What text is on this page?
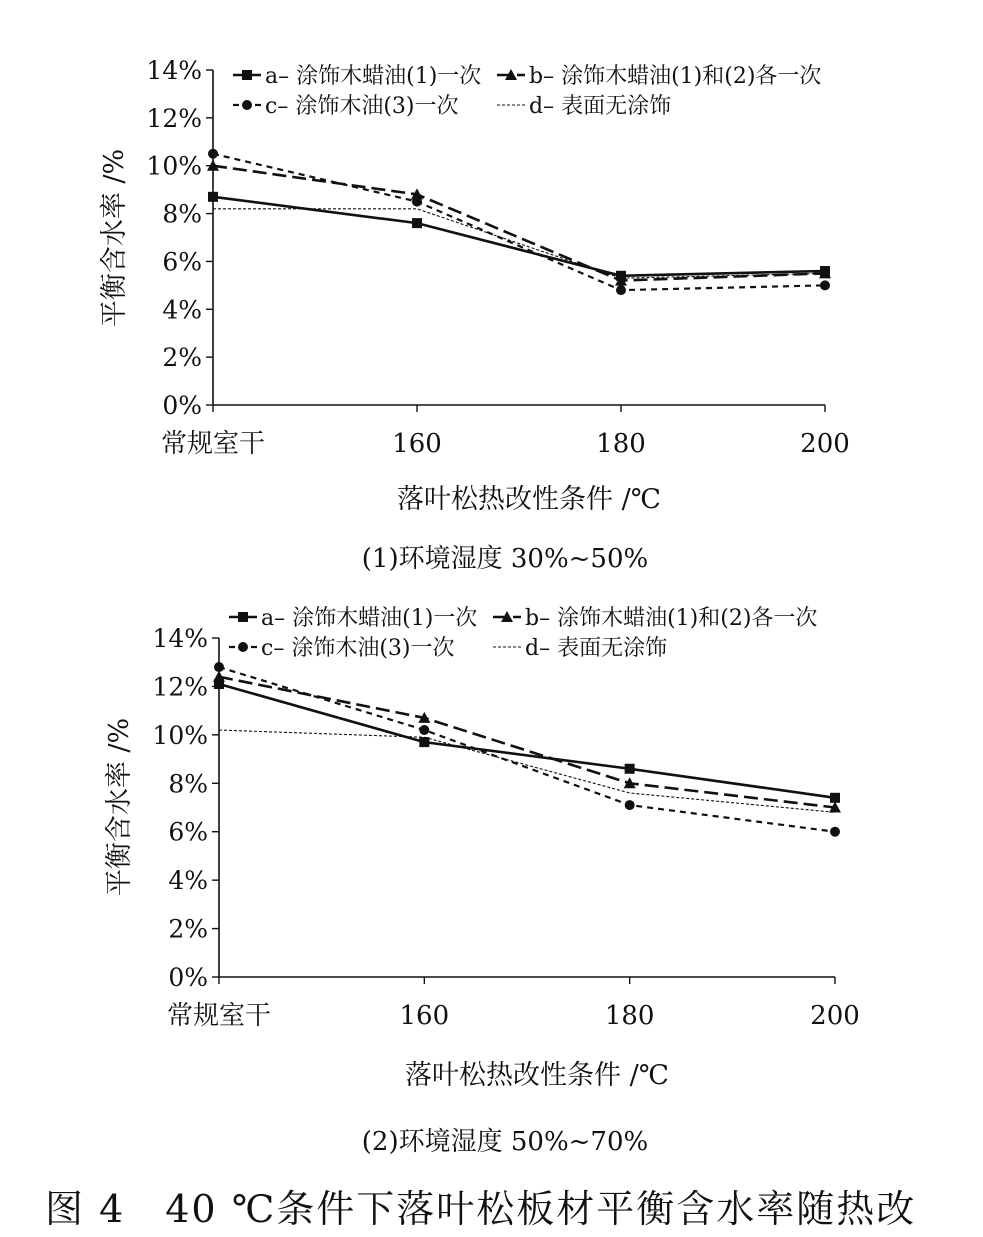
0%
2%
4%
6%
8%
10%
12%
14%
常规室干	160	180	200
平衡含水率 /%
落叶松热改性条件 /℃
(1)环境湿度 30%~50%
a– 涂饰木蜡油(1)一次 b– 涂饰木蜡油(1)和(2)各一次
c– 涂饰木油(3)一次	d– 表面无涂饰
0%
2%
4%
6%
8%
10%
12%
14%
常规室干	160	180	200
平衡含水率 /%
落叶松热改性条件 /℃
(2)环境湿度 50%~70%
a– 涂饰木蜡油(1)一次 b– 涂饰木蜡油(1)和(2)各一次
c– 涂饰木油(3)一次	d– 表面无涂饰
图 4　40 ℃条件下落叶松板材平衡含水率随热改
